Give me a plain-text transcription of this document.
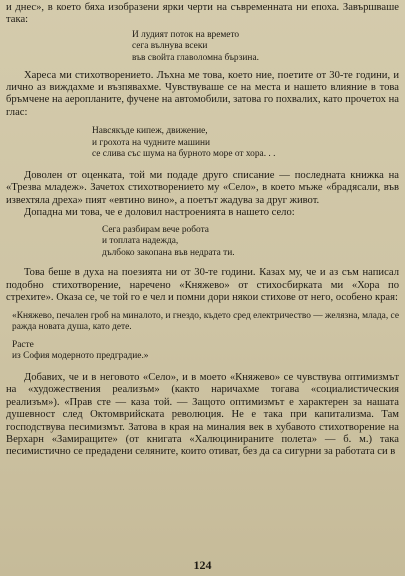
и днес», в което бяха изобразени ярки черти на съвременната ни епоха. Завършваше така:

И лудият поток на времето
сега вълнува всеки
във свойта главоломна бързина.

Хареса ми стихотворението. Лъхна ме това, което ние, поетите от 30-те години, и лично аз виждахме и възпявахме. Чувствуваше се на места и нашето влияние в това бръмчене на аеропланите, фучене на автомобили, затова го похвалих, като прочетох на глас:

Навсякъде кипеж, движение,
и грохота на чудните машини
се слива със шума на бурното море от хора. . .

Доволен от оценката, той ми подаде друго списание — последната книжка на «Трезва младеж». Зачетох стихотворението му «Село», в което мъже «брадясали, във извехтяла дреха» пият «евтино вино», а поетът жадува за друг живот.

Допадна ми това, че е доловил настроенията в нашето село:

Сега разбирам вече робота
и топлата надежда,
дълбоко закопана във недрата ти.

Това беше в духа на поезията ни от 30-те години. Казах му, че и аз съм написал подобно стихотворение, наречено «Княжево» от стихосбирката ми «Хора по стрехите». Оказа се, че той го е чел и помни дори някои стихове от него, особено края:

«Княжево, печален гроб на миналото, и гнездо, където сред електричество — желязна, млада, се ражда новата душа, като дете.

Расте

из София модерното предградие.»

Добавих, че и в неговото «Село», и в моето «Княжево» се чувствува оптимизмът на «художествения реализъм» (както наричахме тогава «социалистическия реализъм»). «Прав сте — каза той. — Защото оптимизмът е характерен за нашата душевност след Октомврийската революция. Не е така при капитализма. Там господствува песимизмът. Затова в края на миналия век в хубавото стихотворение на Верхарн «Замиращите» (от книгата «Халюцинираните полета» — б. м.) така песимистично се предадени селяните, които отиват, без да са сигурни за работата си в

124
